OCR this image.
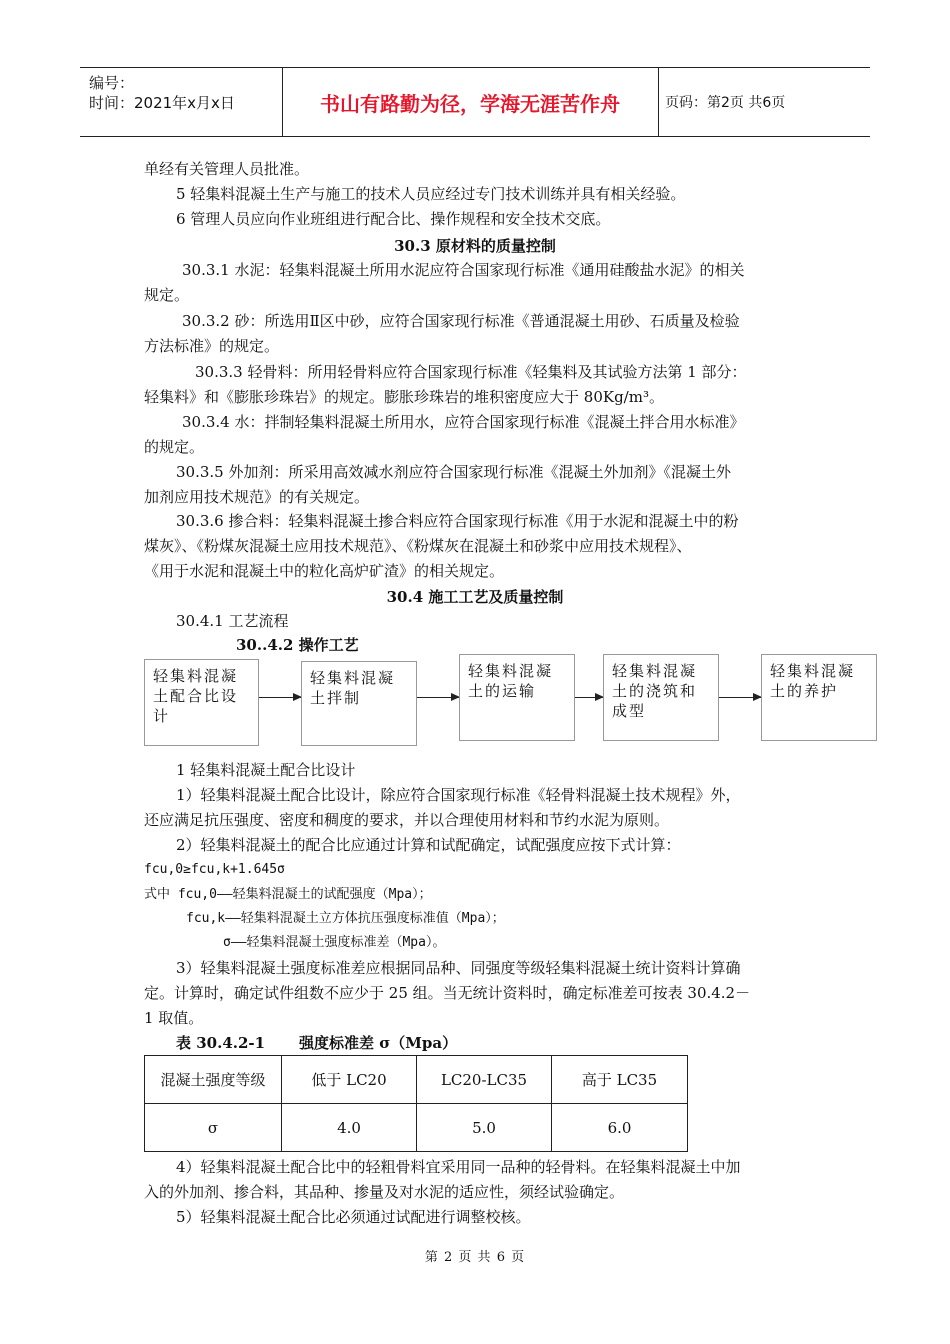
编号：
时间：2021年x月x日	书山有路勤为径，学海无涯苦作舟	页码：第2页 共6页
单经有关管理人员批准。
5 轻集料混凝土生产与施工的技术人员应经过专门技术训练并具有相关经验。
6 管理人员应向作业班组进行配合比、操作规程和安全技术交底。
30.3 原材料的质量控制
30.3.1 水泥：轻集料混凝土所用水泥应符合国家现行标准《通用硅酸盐水泥》的相关
规定。
30.3.2 砂：所选用Ⅱ区中砂，应符合国家现行标准《普通混凝土用砂、石质量及检验
方法标准》的规定。
30.3.3 轻骨料：所用轻骨料应符合国家现行标准《轻集料及其试验方法第 1 部分：
轻集料》和《膨胀珍珠岩》的规定。膨胀珍珠岩的堆积密度应大于 80Kg/m³。
30.3.4 水：拌制轻集料混凝土所用水，应符合国家现行标准《混凝土拌合用水标准》
的规定。
30.3.5 外加剂：所采用高效减水剂应符合国家现行标准《混凝土外加剂》《混凝土外
加剂应用技术规范》的有关规定。
30.3.6 掺合料：轻集料混凝土掺合料应符合国家现行标准《用于水泥和混凝土中的粉
煤灰》、《粉煤灰混凝土应用技术规范》、《粉煤灰在混凝土和砂浆中应用技术规程》、
《用于水泥和混凝土中的粒化高炉矿渣》的相关规定。
30.4 施工工艺及质量控制
30.4.1 工艺流程
30..4.2 操作工艺
轻集料混凝土配合比设计
轻集料混凝土拌制
轻集料混凝土的运输
轻集料混凝土的浇筑和成型
轻集料混凝土的养护
1 轻集料混凝土配合比设计
1）轻集料混凝土配合比设计，除应符合国家现行标准《轻骨料混凝土技术规程》外，
还应满足抗压强度、密度和稠度的要求，并以合理使用材料和节约水泥为原则。
2）轻集料混凝土的配合比应通过计算和试配确定，试配强度应按下式计算：
fcu,0≥fcu,k+1.645σ
式中 fcu,0——轻集料混凝土的试配强度（Mpa）；
fcu,k——轻集料混凝土立方体抗压强度标准值（Mpa）；
σ——轻集料混凝土强度标准差（Mpa）。
3）轻集料混凝土强度标准差应根据同品种、同强度等级轻集料混凝土统计资料计算确
定。计算时，确定试件组数不应少于 25 组。当无统计资料时，确定标准差可按表 30.4.2－
1 取值。
表 30.4.2-1 强度标准差 σ（Mpa）
混凝土强度等级	低于 LC20	LC20-LC35	高于 LC35
σ	4.0	5.0	6.0
4）轻集料混凝土配合比中的轻粗骨料宜采用同一品种的轻骨料。在轻集料混凝土中加
入的外加剂、掺合料，其品种、掺量及对水泥的适应性，须经试验确定。
5）轻集料混凝土配合比必须通过试配进行调整校核。
第 2 页 共 6 页
